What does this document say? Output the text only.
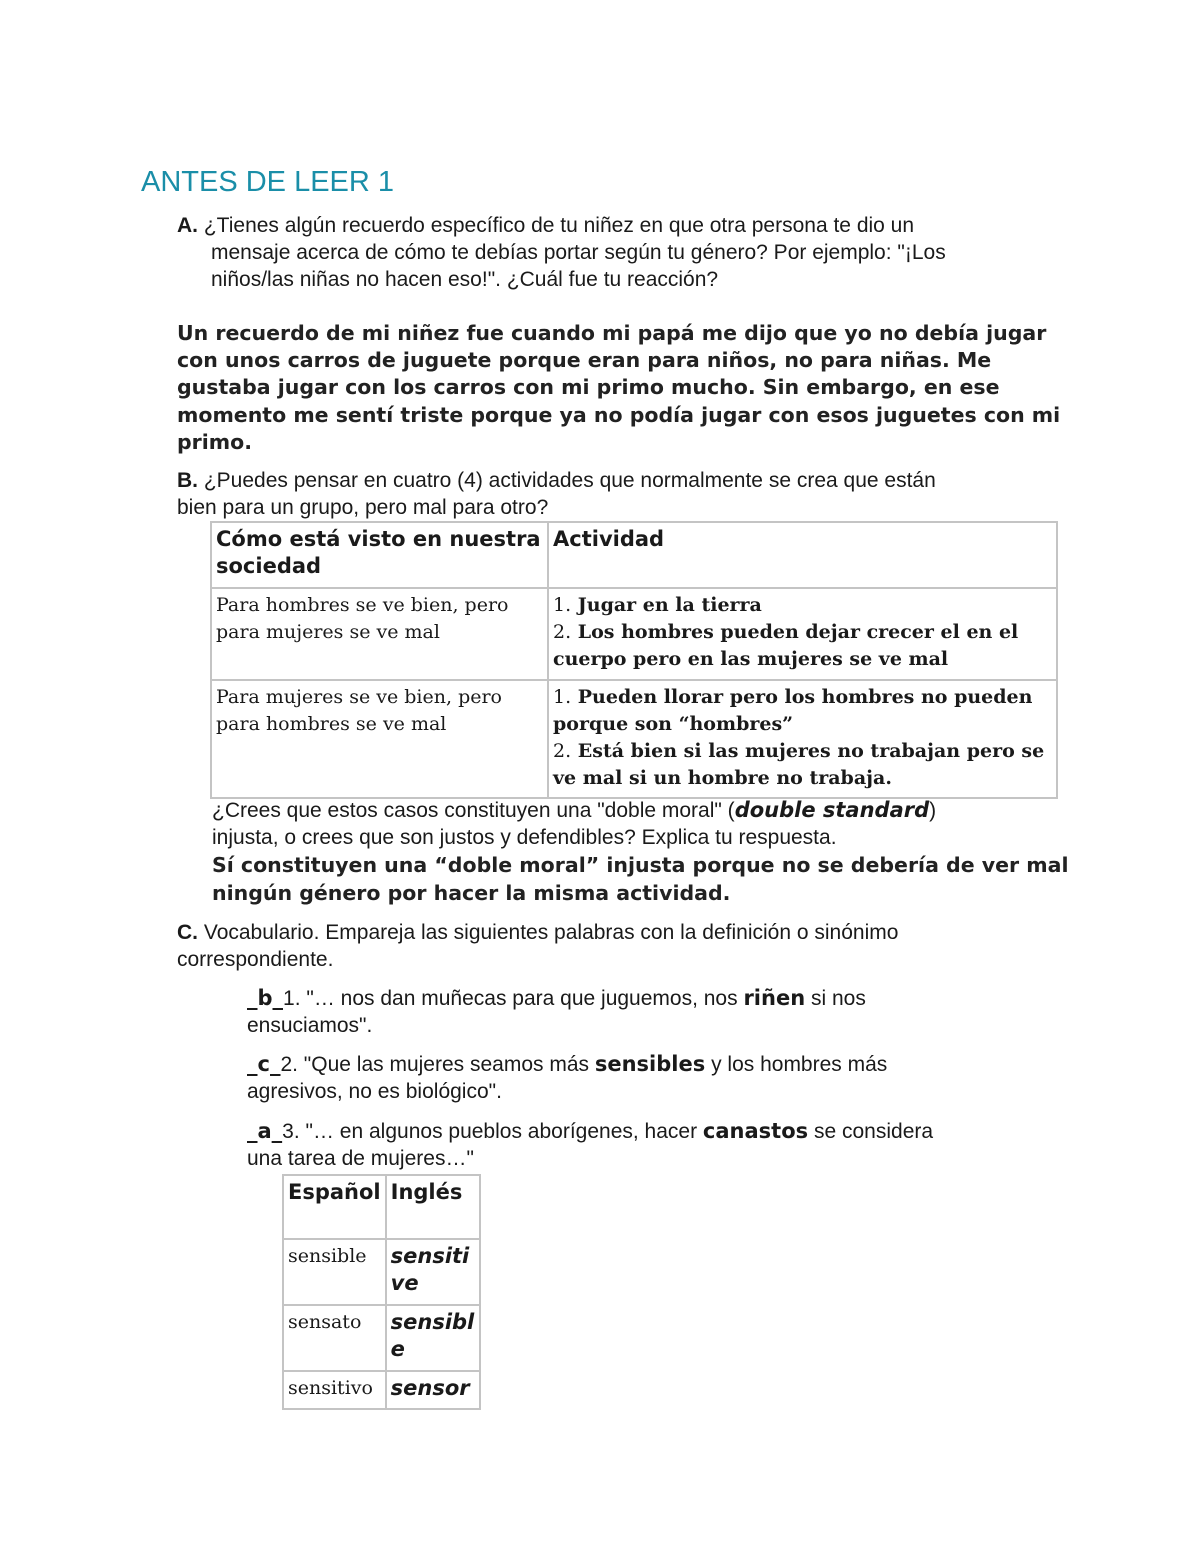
ANTES DE LEER 1
A. ¿Tienes algún recuerdo específico de tu niñez en que otra persona te dio un
mensaje acerca de cómo te debías portar según tu género? Por ejemplo: "¡Los
niños/las niñas no hacen eso!". ¿Cuál fue tu reacción?
Un recuerdo de mi niñez fue cuando mi papá me dijo que yo no debía jugar
con unos carros de juguete porque eran para niños, no para niñas. Me
gustaba jugar con los carros con mi primo mucho. Sin embargo, en ese
momento me sentí triste porque ya no podía jugar con esos juguetes con mi
primo.
B. ¿Puedes pensar en cuatro (4) actividades que normalmente se crea que están
bien para un grupo, pero mal para otro?
Cómo está visto en nuestra sociedad	Actividad
Para hombres se ve bien, pero para mujeres se ve mal	1. Jugar en la tierra
2. Los hombres pueden dejar crecer el en el cuerpo pero en las mujeres se ve mal

Para mujeres se ve bien, pero para hombres se ve mal	1. Pueden llorar pero los hombres no pueden porque son “hombres”
2. Está bien si las mujeres no trabajan pero se ve mal si un hombre no trabaja.
¿Crees que estos casos constituyen una "doble moral" (double standard)
injusta, o crees que son justos y defendibles? Explica tu respuesta.
Sí constituyen una “doble moral” injusta porque no se debería de ver mal
ningún género por hacer la misma actividad.
C. Vocabulario. Empareja las siguientes palabras con la definición o sinónimo
correspondiente.
_b_1. "… nos dan muñecas para que juguemos, nos riñen si nos
ensuciamos".
_c_2. "Que las mujeres seamos más sensibles y los hombres más
agresivos, no es biológico".
_a_3. "… en algunos pueblos aborígenes, hacer canastos se considera
una tarea de mujeres…"
Español	Inglés
sensible	sensitive
sensato	sensible
sensitivo	sensor
